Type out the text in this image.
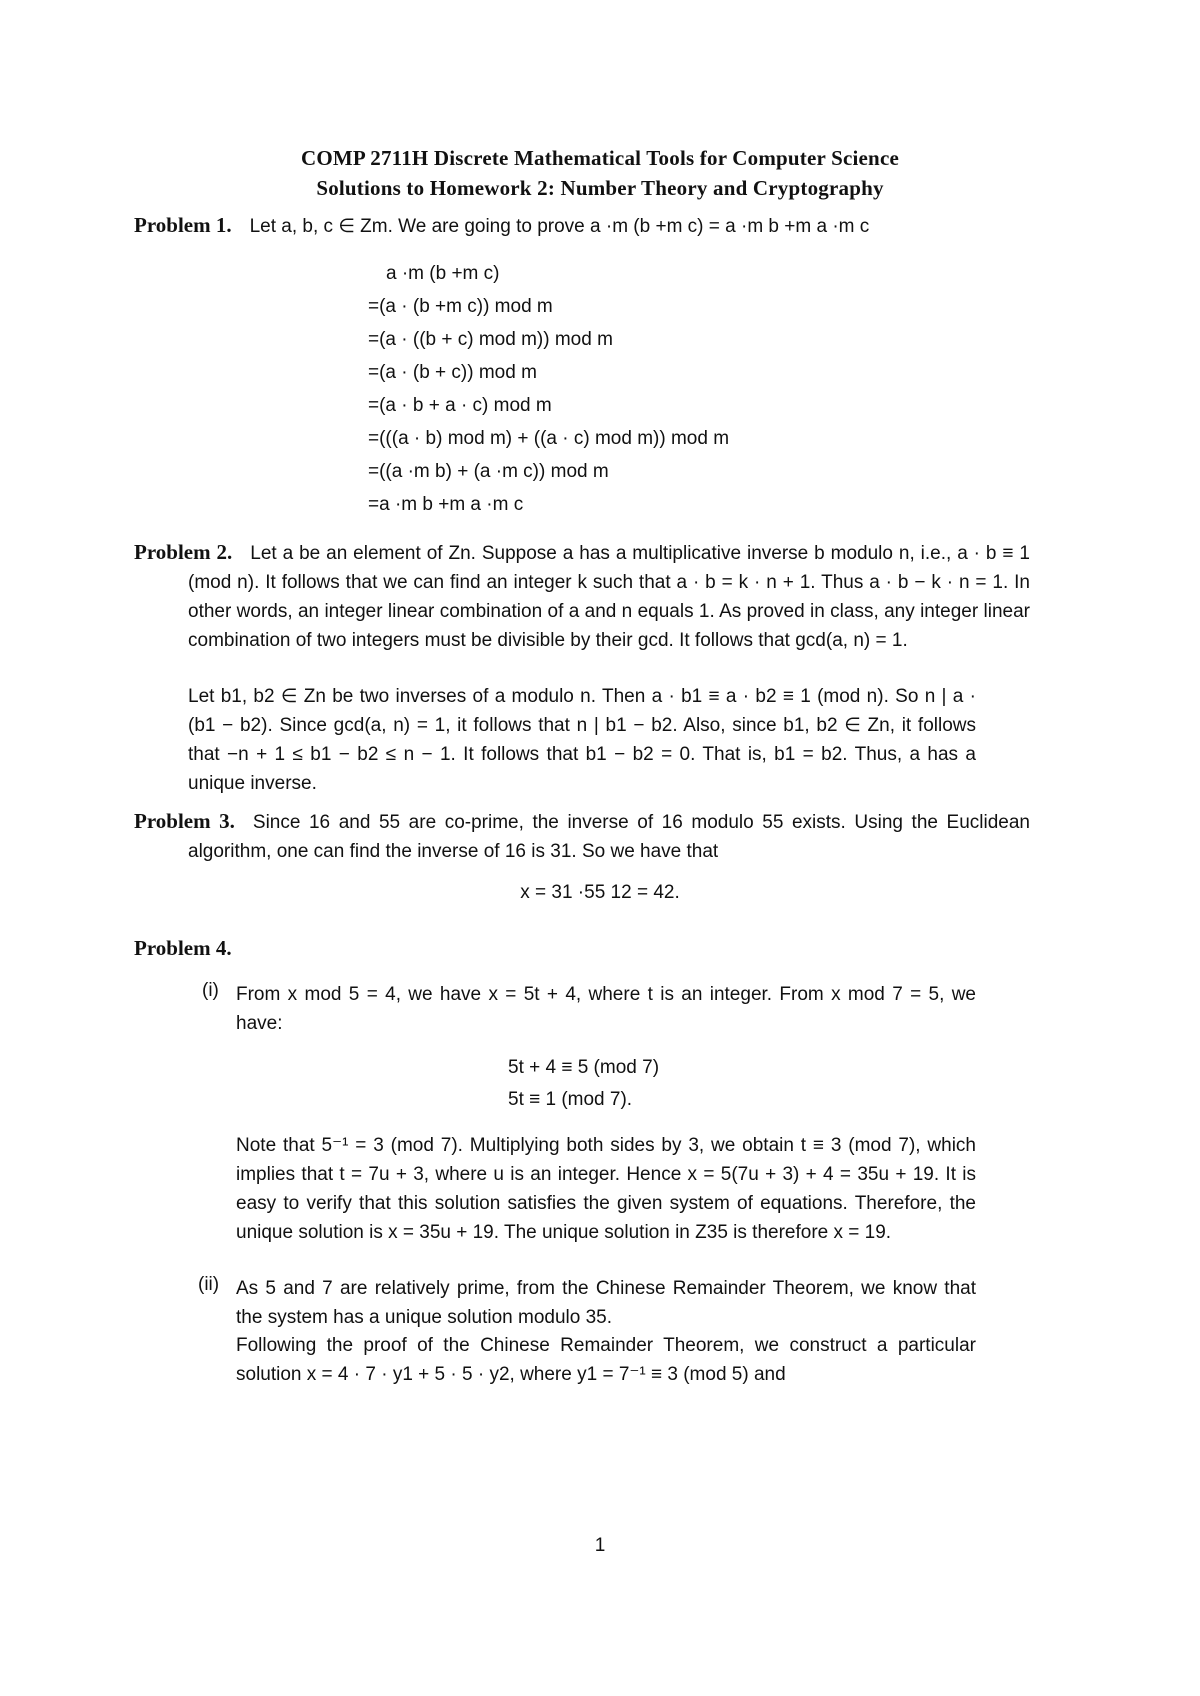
COMP 2711H Discrete Mathematical Tools for Computer Science
Solutions to Homework 2: Number Theory and Cryptography
Problem 1. Let a, b, c ∈ Zm. We are going to prove a ·m (b +m c) = a ·m b +m a ·m c
a ·m (b +m c)
=(a · (b +m c)) mod m
=(a · ((b + c) mod m)) mod m
=(a · (b + c)) mod m
=(a · b + a · c) mod m
=(((a · b) mod m) + ((a · c) mod m)) mod m
=((a ·m b) + (a ·m c)) mod m
=a ·m b +m a ·m c
Problem 2. Let a be an element of Zn. Suppose a has a multiplicative inverse b modulo n, i.e., a · b ≡ 1 (mod n). It follows that we can find an integer k such that a · b = k · n + 1. Thus a · b − k · n = 1. In other words, an integer linear combination of a and n equals 1. As proved in class, any integer linear combination of two integers must be divisible by their gcd. It follows that gcd(a, n) = 1.
Let b1, b2 ∈ Zn be two inverses of a modulo n. Then a · b1 ≡ a · b2 ≡ 1 (mod n). So n | a · (b1 − b2). Since gcd(a, n) = 1, it follows that n | b1 − b2. Also, since b1, b2 ∈ Zn, it follows that −n + 1 ≤ b1 − b2 ≤ n − 1. It follows that b1 − b2 = 0. That is, b1 = b2. Thus, a has a unique inverse.
Problem 3. Since 16 and 55 are co-prime, the inverse of 16 modulo 55 exists. Using the Euclidean algorithm, one can find the inverse of 16 is 31. So we have that
x = 31 ·55 12 = 42.
Problem 4.
(i) From x mod 5 = 4, we have x = 5t + 4, where t is an integer. From x mod 7 = 5, we have:
5t + 4 ≡ 5 (mod 7)
5t ≡ 1 (mod 7).
Note that 5⁻¹ = 3 (mod 7). Multiplying both sides by 3, we obtain t ≡ 3 (mod 7), which implies that t = 7u + 3, where u is an integer. Hence x = 5(7u + 3) + 4 = 35u + 19. It is easy to verify that this solution satisfies the given system of equations. Therefore, the unique solution is x = 35u + 19. The unique solution in Z35 is therefore x = 19.
(ii) As 5 and 7 are relatively prime, from the Chinese Remainder Theorem, we know that the system has a unique solution modulo 35.
Following the proof of the Chinese Remainder Theorem, we construct a particular solution x = 4 · 7 · y1 + 5 · 5 · y2, where y1 = 7⁻¹ ≡ 3 (mod 5) and
1
